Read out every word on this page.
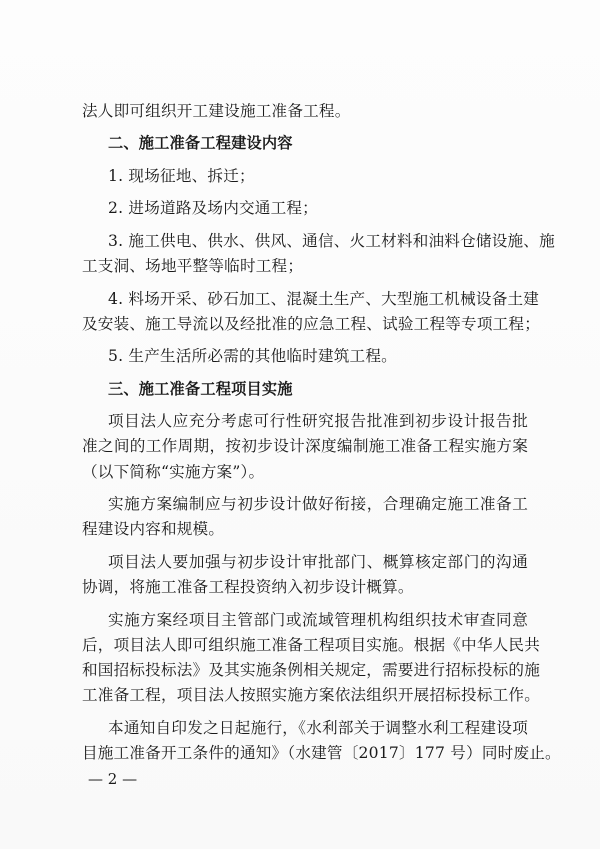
法人即可组织开工建设施工准备工程。
二、施工准备工程建设内容
1. 现场征地、拆迁；
2. 进场道路及场内交通工程；
3. 施工供电、供水、供风、通信、火工材料和油料仓储设施、施
工支洞、场地平整等临时工程；
4. 料场开采、砂石加工、混凝土生产、大型施工机械设备土建
及安装、施工导流以及经批准的应急工程、试验工程等专项工程；
5. 生产生活所必需的其他临时建筑工程。
三、施工准备工程项目实施
项目法人应充分考虑可行性研究报告批准到初步设计报告批
准之间的工作周期，按初步设计深度编制施工准备工程实施方案
（以下简称“实施方案”）。
实施方案编制应与初步设计做好衔接，合理确定施工准备工
程建设内容和规模。
项目法人要加强与初步设计审批部门、概算核定部门的沟通
协调，将施工准备工程投资纳入初步设计概算。
实施方案经项目主管部门或流域管理机构组织技术审查同意
后，项目法人即可组织施工准备工程项目实施。根据《中华人民共
和国招标投标法》及其实施条例相关规定，需要进行招标投标的施
工准备工程，项目法人按照实施方案依法组织开展招标投标工作。
本通知自印发之日起施行，《水利部关于调整水利工程建设项
目施工准备开工条件的通知》（水建管〔2017〕177 号）同时废止。
— 2 —
